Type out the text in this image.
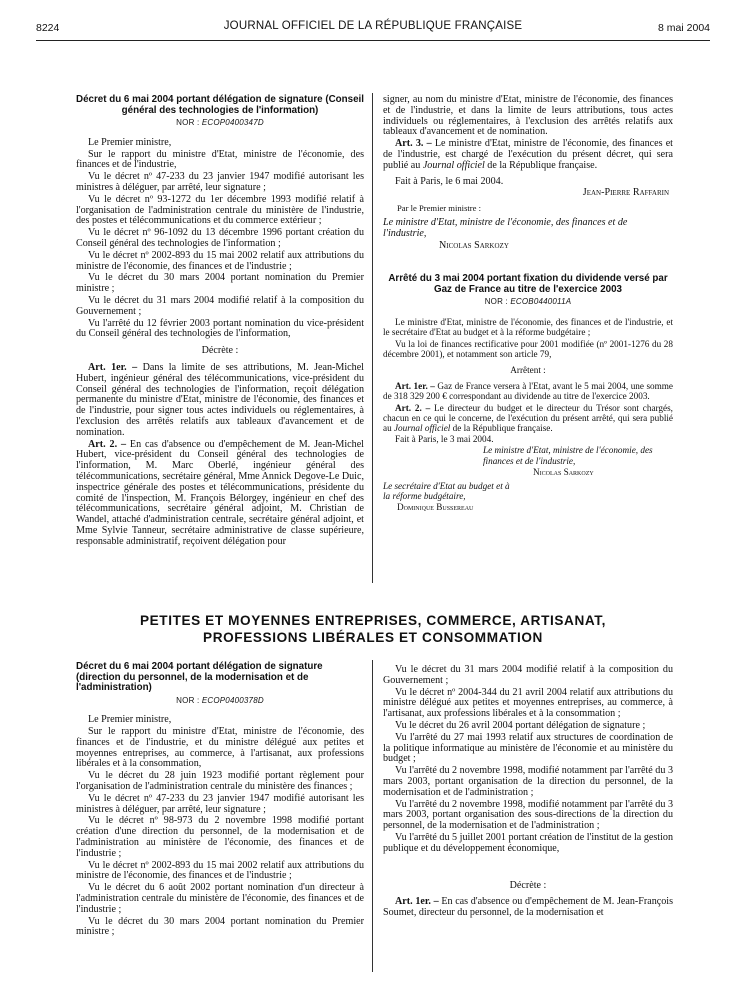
8224	JOURNAL OFFICIEL DE LA RÉPUBLIQUE FRANÇAISE	8 mai 2004
Décret du 6 mai 2004 portant délégation de signature (Conseil général des technologies de l'information)
NOR : ECOP0400347D

Le Premier ministre,

Sur le rapport du ministre d'Etat, ministre de l'économie, des finances et de l'industrie,

Vu le décret nº 47-233 du 23 janvier 1947 modifié autorisant les ministres à déléguer, par arrêté, leur signature ;

Vu le décret nº 93-1272 du 1er décembre 1993 modifié relatif à l'organisation de l'administration centrale du ministère de l'industrie, des postes et télécommunications et du commerce extérieur ;

Vu le décret nº 96-1092 du 13 décembre 1996 portant création du Conseil général des technologies de l'information ;

Vu le décret nº 2002-893 du 15 mai 2002 relatif aux attributions du ministre de l'économie, des finances et de l'industrie ;

Vu le décret du 30 mars 2004 portant nomination du Premier ministre ;

Vu le décret du 31 mars 2004 modifié relatif à la composition du Gouvernement ;

Vu l'arrêté du 12 février 2003 portant nomination du vice-président du Conseil général des technologies de l'information,

Décrète :

Art. 1er. – Dans la limite de ses attributions, M. Jean-Michel Hubert, ingénieur général des télécommunications, vice-président du Conseil général des technologies de l'information, reçoit délégation permanente du ministre d'Etat, ministre de l'économie, des finances et de l'industrie, pour signer tous actes individuels ou réglementaires, à l'exclusion des arrêtés relatifs aux tableaux d'avancement et de nomination.

Art. 2. – En cas d'absence ou d'empêchement de M. Jean-Michel Hubert, vice-président du Conseil général des technologies de l'information, M. Marc Oberlé, ingénieur général des télécommunications, secrétaire général, Mme Annick Degove-Le Duic, inspectrice générale des postes et télécommunications, présidente du comité de l'inspection, M. François Bélorgey, ingénieur en chef des télécommunications, secrétaire général adjoint, M. Christian de Wandel, attaché d'administration centrale, secrétaire général adjoint, et Mme Sylvie Tanneur, secrétaire administrative de classe supérieure, responsable administratif, reçoivent délégation pour

signer, au nom du ministre d'Etat, ministre de l'économie, des finances et de l'industrie, et dans la limite de leurs attributions, tous actes individuels ou réglementaires, à l'exclusion des arrêtés relatifs aux tableaux d'avancement et de nomination.

Art. 3. – Le ministre d'Etat, ministre de l'économie, des finances et de l'industrie, est chargé de l'exécution du présent décret, qui sera publié au Journal officiel de la République française.

Fait à Paris, le 6 mai 2004.

Jean-Pierre Raffarin

Par le Premier ministre :

Le ministre d'Etat, ministre de l'économie, des finances et de l'industrie,

Nicolas Sarkozy

Arrêté du 3 mai 2004 portant fixation du dividende versé par Gaz de France au titre de l'exercice 2003
NOR : ECOB0440011A

Le ministre d'Etat, ministre de l'économie, des finances et de l'industrie, et le secrétaire d'Etat au budget et à la réforme budgétaire ;

Vu la loi de finances rectificative pour 2001 modifiée (nº 2001-1276 du 28 décembre 2001), et notamment son article 79,

Arrêtent :

Art. 1er. – Gaz de France versera à l'Etat, avant le 5 mai 2004, une somme de 318 329 200 € correspondant au dividende au titre de l'exercice 2003.

Art. 2. – Le directeur du budget et le directeur du Trésor sont chargés, chacun en ce qui le concerne, de l'exécution du présent arrêté, qui sera publié au Journal officiel de la République française.

Fait à Paris, le 3 mai 2004.

Le ministre d'Etat, ministre de l'économie, des finances et de l'industrie,

Nicolas Sarkozy

Le secrétaire d'Etat au budget et à la réforme budgétaire,

Dominique Bussereau

PETITES ET MOYENNES ENTREPRISES, COMMERCE, ARTISANAT,
PROFESSIONS LIBÉRALES ET CONSOMMATION
Décret du 6 mai 2004 portant délégation de signature (direction du personnel, de la modernisation et de l'administration)
NOR : ECOP0400378D

Le Premier ministre,

Sur le rapport du ministre d'Etat, ministre de l'économie, des finances et de l'industrie, et du ministre délégué aux petites et moyennes entreprises, au commerce, à l'artisanat, aux professions libérales et à la consommation,

Vu le décret du 28 juin 1923 modifié portant règlement pour l'organisation de l'administration centrale du ministère des finances ;

Vu le décret nº 47-233 du 23 janvier 1947 modifié autorisant les ministres à déléguer, par arrêté, leur signature ;

Vu le décret nº 98-973 du 2 novembre 1998 modifié portant création d'une direction du personnel, de la modernisation et de l'administration au ministère de l'économie, des finances et de l'industrie ;

Vu le décret nº 2002-893 du 15 mai 2002 relatif aux attributions du ministre de l'économie, des finances et de l'industrie ;

Vu le décret du 6 août 2002 portant nomination d'un directeur à l'administration centrale du ministère de l'économie, des finances et de l'industrie ;

Vu le décret du 30 mars 2004 portant nomination du Premier ministre ;

Vu le décret du 31 mars 2004 modifié relatif à la composition du Gouvernement ;

Vu le décret nº 2004-344 du 21 avril 2004 relatif aux attributions du ministre délégué aux petites et moyennes entreprises, au commerce, à l'artisanat, aux professions libérales et à la consommation ;

Vu le décret du 26 avril 2004 portant délégation de signature ;

Vu l'arrêté du 27 mai 1993 relatif aux structures de coordination de la politique informatique au ministère de l'économie et au ministère du budget ;

Vu l'arrêté du 2 novembre 1998, modifié notamment par l'arrêté du 3 mars 2003, portant organisation de la direction du personnel, de la modernisation et de l'administration ;

Vu l'arrêté du 2 novembre 1998, modifié notamment par l'arrêté du 3 mars 2003, portant organisation des sous-directions de la direction du personnel, de la modernisation et de l'administration ;

Vu l'arrêté du 5 juillet 2001 portant création de l'institut de la gestion publique et du développement économique,

Décrète :

Art. 1er. – En cas d'absence ou d'empêchement de M. Jean-François Soumet, directeur du personnel, de la modernisation et
